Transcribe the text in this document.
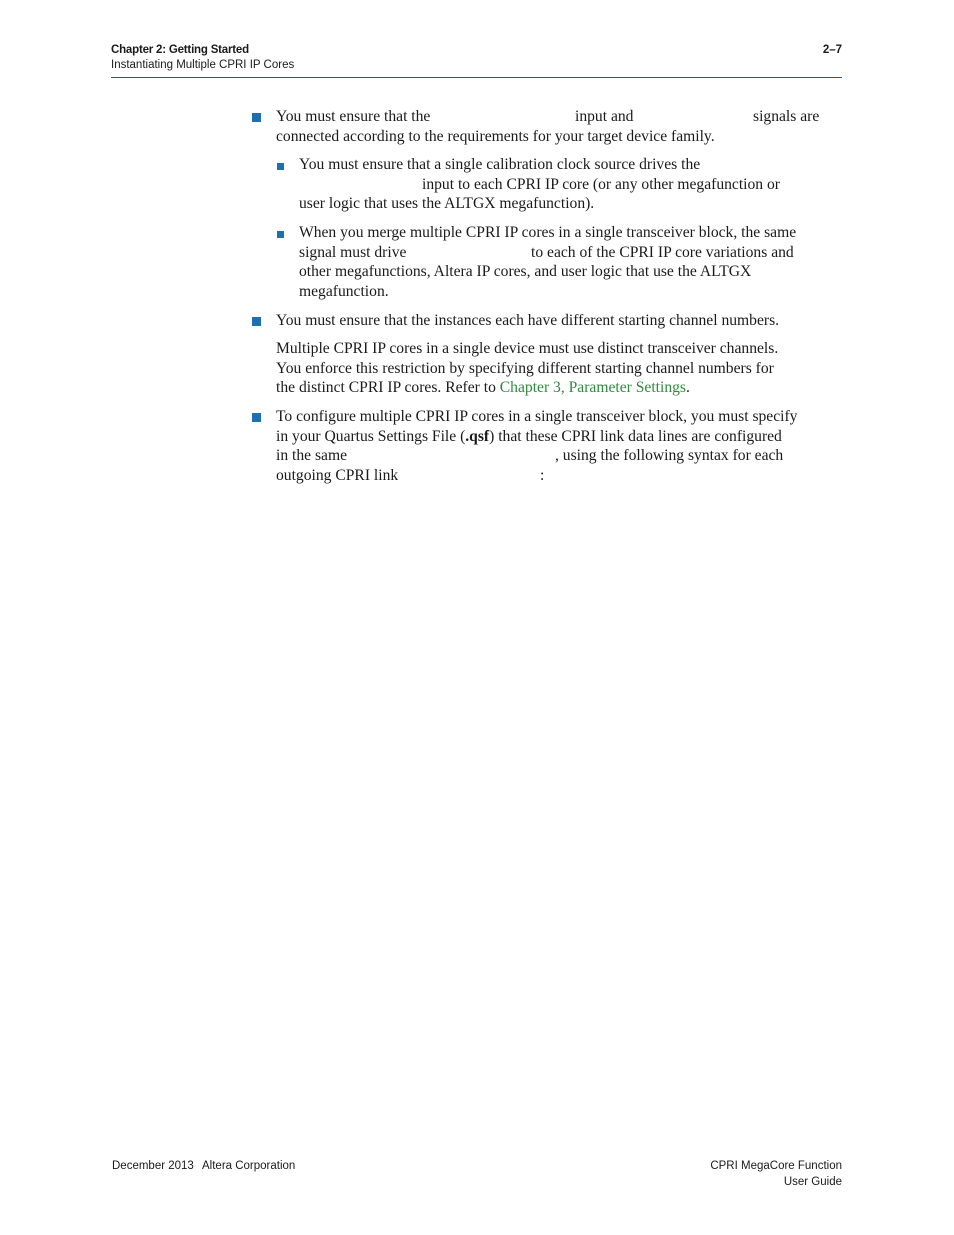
Chapter 2: Getting Started
Instantiating Multiple CPRI IP Cores
2–7
You must ensure that the	input and	signals are
connected according to the requirements for your target device family.
You must ensure that a single calibration clock source drives the
input to each CPRI IP core (or any other megafunction or
user logic that uses the ALTGX megafunction).
When you merge multiple CPRI IP cores in a single transceiver block, the same
signal must drive	to each of the CPRI IP core variations and
other megafunctions, Altera IP cores, and user logic that use the ALTGX
megafunction.
You must ensure that the instances each have different starting channel numbers.
Multiple CPRI IP cores in a single device must use distinct transceiver channels.
You enforce this restriction by specifying different starting channel numbers for
the distinct CPRI IP cores. Refer to Chapter 3, Parameter Settings.
To configure multiple CPRI IP cores in a single transceiver block, you must specify
in your Quartus Settings File (.qsf) that these CPRI link data lines are configured
in the same	, using the following syntax for each
outgoing CPRI link	:
December 2013 Altera Corporation	CPRI MegaCore Function
User Guide
